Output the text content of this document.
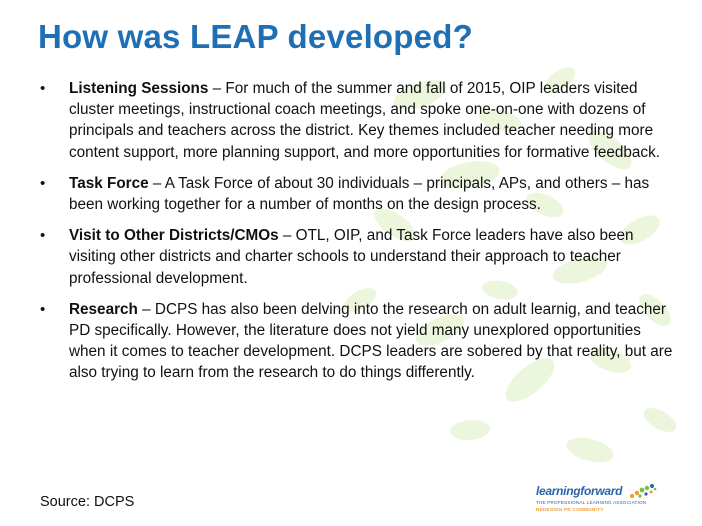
How was LEAP developed?
• Listening Sessions – For much of the summer and fall of 2015, OIP leaders visited cluster meetings, instructional coach meetings, and spoke one-on-one with dozens of principals and teachers across the district. Key themes included teacher needing more content support, more planning support, and more opportunities for formative feedback.
• Task Force – A Task Force of about 30 individuals – principals, APs, and others – has been working together for a number of months on the design process.
• Visit to Other Districts/CMOs – OTL, OIP, and Task Force leaders have also been visiting other districts and charter schools to understand their approach to teacher professional development.
• Research – DCPS has also been delving into the research on adult learnig, and teacher PD specifically. However, the literature does not yield many unexplored opportunities when it comes to teacher development. DCPS leaders are sobered by that reality, but are also trying to learn from the research to do things differently.
Source: DCPS
learningforward
THE PROFESSIONAL LEARNING ASSOCIATION
REDESIGN PD COMMUNITY
